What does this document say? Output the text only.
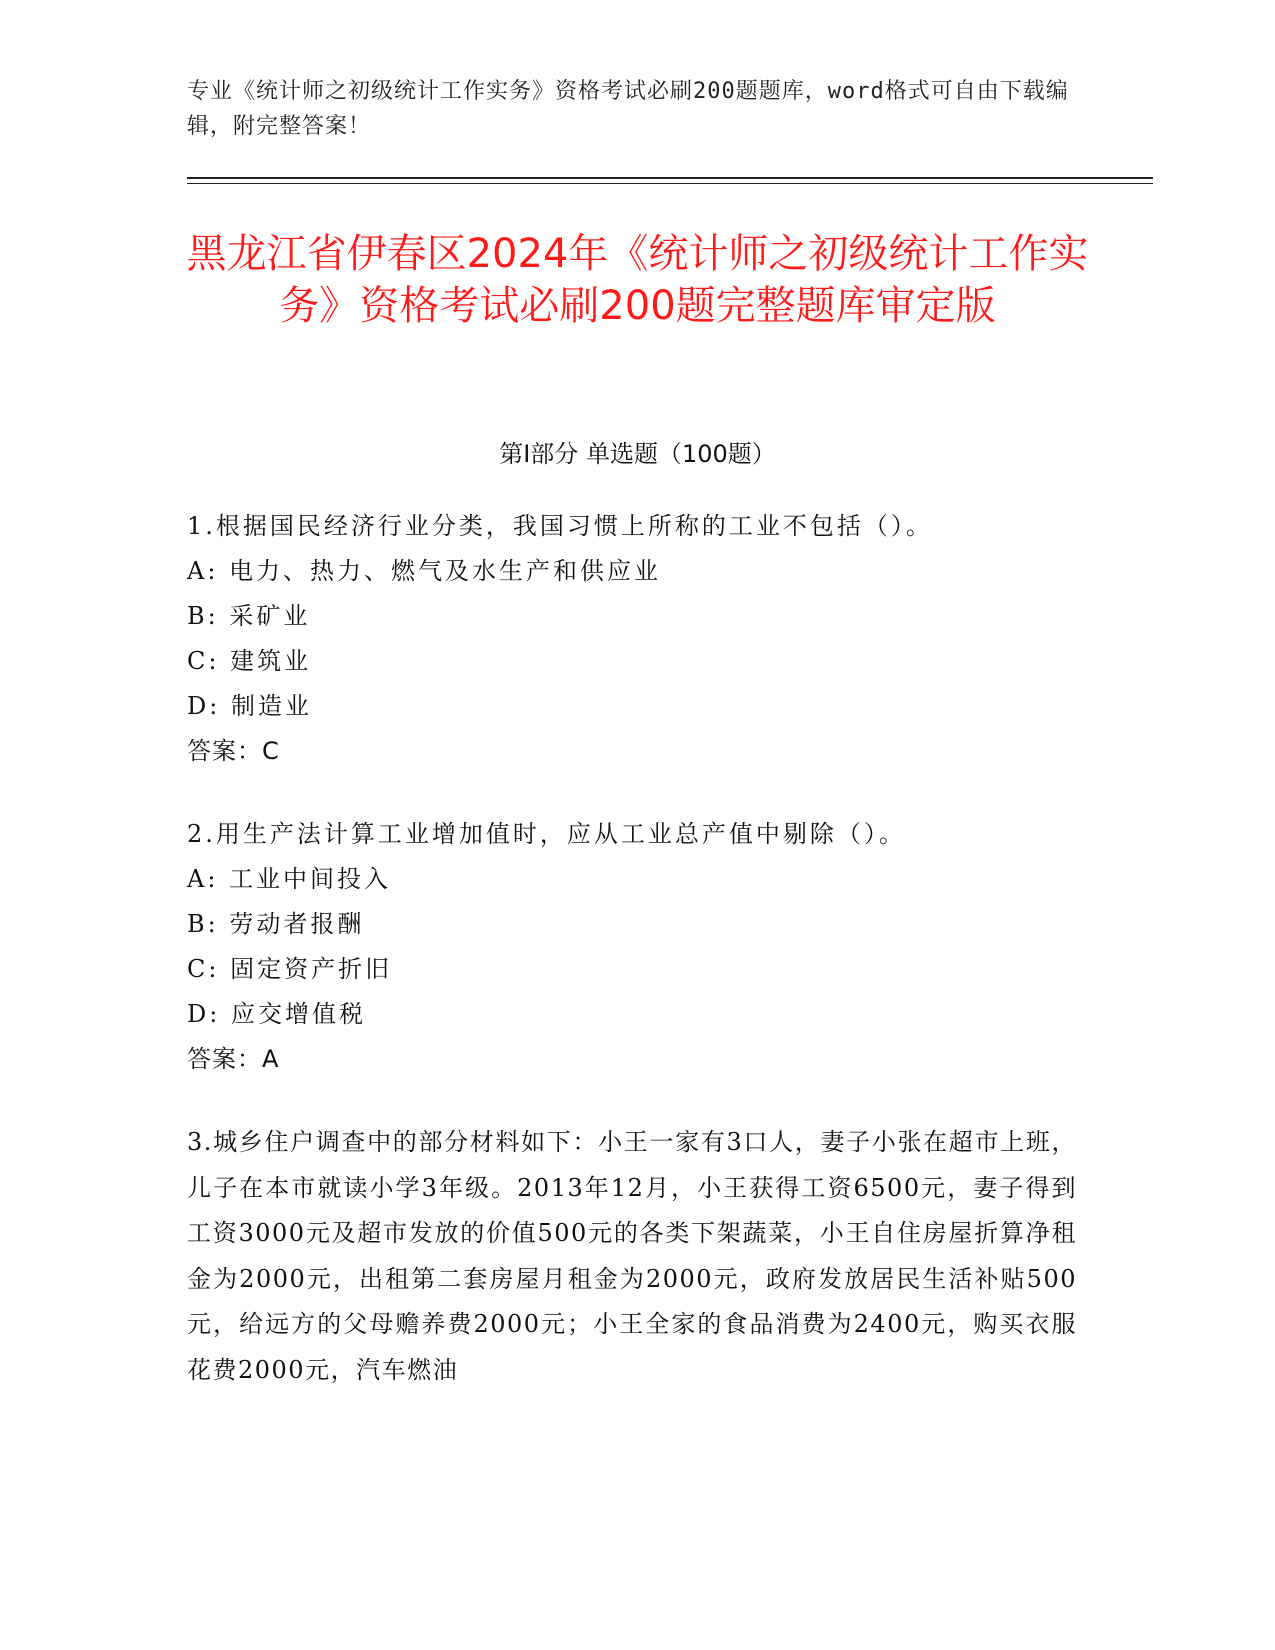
专业《统计师之初级统计工作实务》资格考试必刷200题题库，word格式可自由下载编辑，附完整答案！
黑龙江省伊春区2024年《统计师之初级统计工作实务》资格考试必刷200题完整题库审定版
第Ⅰ部分 单选题（100题）
1.根据国民经济行业分类，我国习惯上所称的工业不包括（）。
A: 电力、热力、燃气及水生产和供应业
B: 采矿业
C: 建筑业
D: 制造业
答案：C
2.用生产法计算工业增加值时，应从工业总产值中剔除（）。
A: 工业中间投入
B: 劳动者报酬
C: 固定资产折旧
D: 应交增值税
答案：A

3.城乡住户调查中的部分材料如下：小王一家有3口人，妻子小张在超市上班，儿子在本市就读小学3年级。2013年12月，小王获得工资6500元，妻子得到工资3000元及超市发放的价值500元的各类下架蔬菜，小王自住房屋折算净租金为2000元，出租第二套房屋月租金为2000元，政府发放居民生活补贴500元，给远方的父母赡养费2000元；小王全家的食品消费为2400元，购买衣服花费2000元，汽车燃油
